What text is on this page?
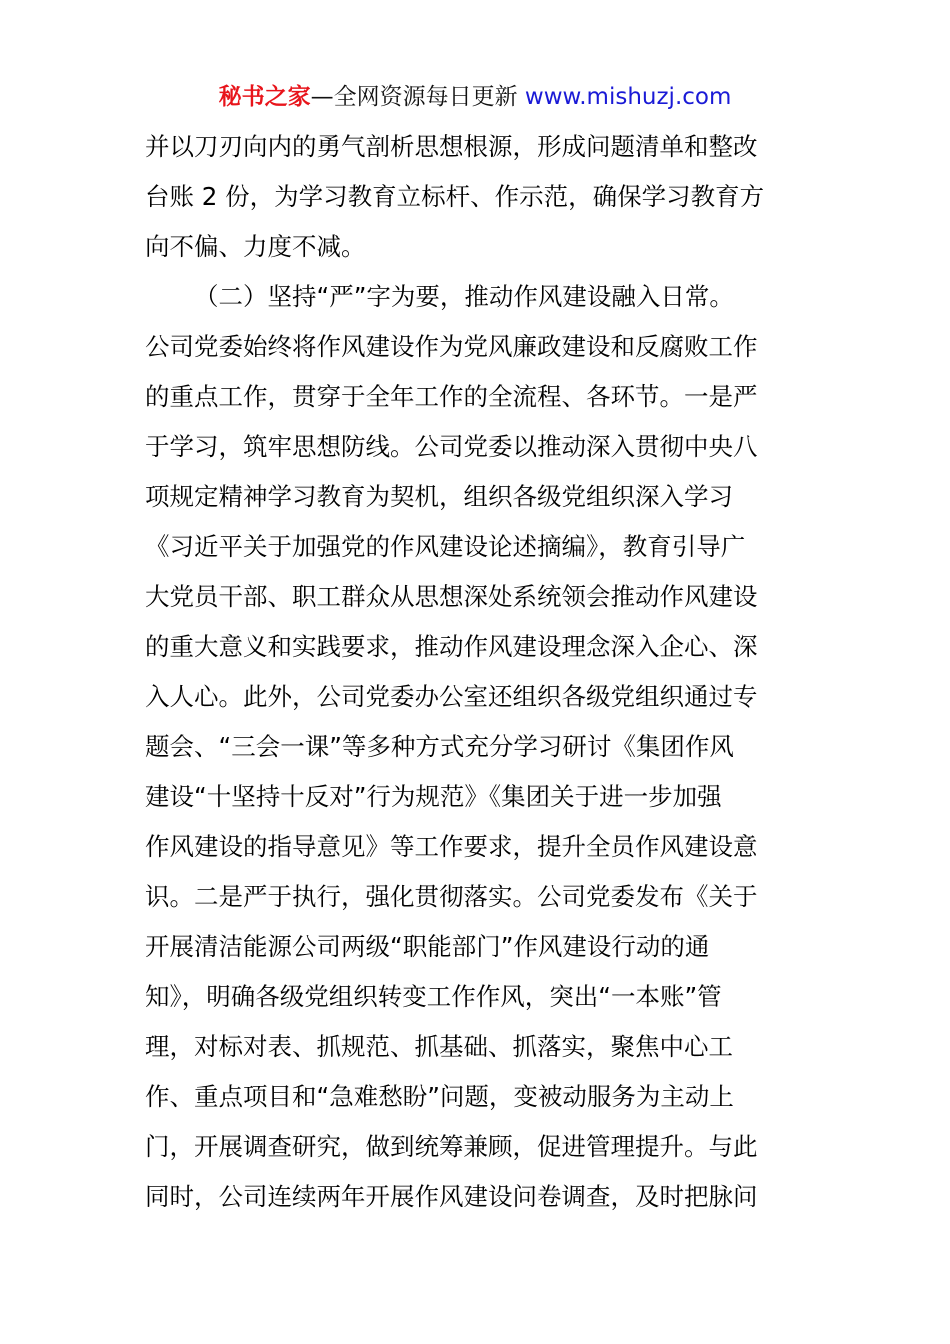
秘书之家—全网资源每日更新 www.mishuzj.com
并以刀刃向内的勇气剖析思想根源，形成问题清单和整改
台账 2 份，为学习教育立标杆、作示范，确保学习教育方
向不偏、力度不减。
（二）坚持“严”字为要，推动作风建设融入日常。
公司党委始终将作风建设作为党风廉政建设和反腐败工作
的重点工作，贯穿于全年工作的全流程、各环节。一是严
于学习，筑牢思想防线。公司党委以推动深入贯彻中央八
项规定精神学习教育为契机，组织各级党组织深入学习
《习近平关于加强党的作风建设论述摘编》，教育引导广
大党员干部、职工群众从思想深处系统领会推动作风建设
的重大意义和实践要求，推动作风建设理念深入企心、深
入人心。此外，公司党委办公室还组织各级党组织通过专
题会、“三会一课”等多种方式充分学习研讨《集团作风
建设“十坚持十反对”行为规范》《集团关于进一步加强
作风建设的指导意见》等工作要求，提升全员作风建设意
识。二是严于执行，强化贯彻落实。公司党委发布《关于
开展清洁能源公司两级“职能部门”作风建设行动的通
知》，明确各级党组织转变工作作风，突出“一本账”管
理，对标对表、抓规范、抓基础、抓落实，聚焦中心工
作、重点项目和“急难愁盼”问题，变被动服务为主动上
门，开展调查研究，做到统筹兼顾，促进管理提升。与此
同时，公司连续两年开展作风建设问卷调查，及时把脉问
